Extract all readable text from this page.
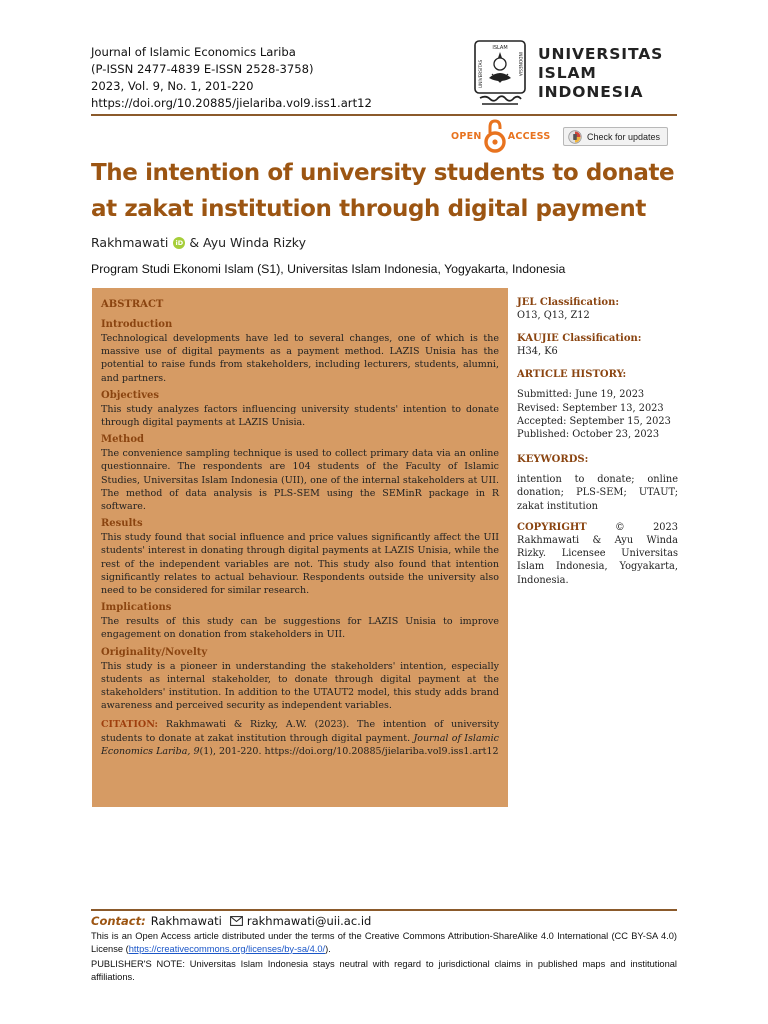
Journal of Islamic Economics Lariba
(P-ISSN 2477-4839 E-ISSN 2528-3758)
2023, Vol. 9, No. 1, 201-220
https://doi.org/10.20885/jielariba.vol9.iss1.art12
ISLAM
UNIVERSITAS	INDONESIA UNIVERSITAS
ISLAM
INDONESIA
OPEN	ACCESS	Check for updates
The intention of university students to donate
at zakat institution through digital payment
Rakhmawati	iD & Ayu Winda Rizky
Program Studi Ekonomi Islam (S1), Universitas Islam Indonesia, Yogyakarta, Indonesia
ABSTRACT
Introduction
Technological developments have led to several changes, one of which is the massive use of digital payments as a payment method. LAZIS Unisia has the potential to raise funds from stakeholders, including lecturers, students, alumni, and partners.
Objectives
This study analyzes factors influencing university students' intention to donate through digital payments at LAZIS Unisia.
Method
The convenience sampling technique is used to collect primary data via an online questionnaire. The respondents are 104 students of the Faculty of Islamic Studies, Universitas Islam Indonesia (UII), one of the internal stakeholders at UII. The method of data analysis is PLS-SEM using the SEMinR package in R software.
Results
This study found that social influence and price values significantly affect the UII students' interest in donating through digital payments at LAZIS Unisia, while the rest of the independent variables are not. This study also found that intention significantly relates to actual behaviour. Respondents outside the university also need to be considered for similar research.
Implications
The results of this study can be suggestions for LAZIS Unisia to improve engagement on donation from stakeholders in UII.
Originality/Novelty
This study is a pioneer in understanding the stakeholders' intention, especially students as internal stakeholder, to donate through digital payment at the stakeholders' institution. In addition to the UTAUT2 model, this study adds brand awareness and perceived security as independent variables.
CITATION: Rakhmawati & Rizky, A.W. (2023). The intention of university students to donate at zakat institution through digital payment. Journal of Islamic Economics Lariba, 9(1), 201-220. https://doi.org/10.20885/jielariba.vol9.iss1.art12
JEL Classification:
O13, Q13, Z12
KAUJIE Classification:
H34, K6
ARTICLE HISTORY:
Submitted: June 19, 2023
Revised: September 13, 2023
Accepted: September 15, 2023
Published: October 23, 2023
KEYWORDS:
intention to donate; online donation; PLS-SEM; UTAUT; zakat institution
COPYRIGHT	© 2023 Rakhmawati & Ayu Winda Rizky. Licensee Universitas Islam Indonesia, Yogyakarta, Indonesia.
Contact: Rakhmawati rakhmawati@uii.ac.id
This is an Open Access article distributed under the terms of the Creative Commons Attribution-ShareAlike 4.0 International (CC BY-SA 4.0) License (https://creativecommons.org/licenses/by-sa/4.0/).
PUBLISHER'S NOTE: Universitas Islam Indonesia stays neutral with regard to jurisdictional claims in published maps and institutional affiliations.
